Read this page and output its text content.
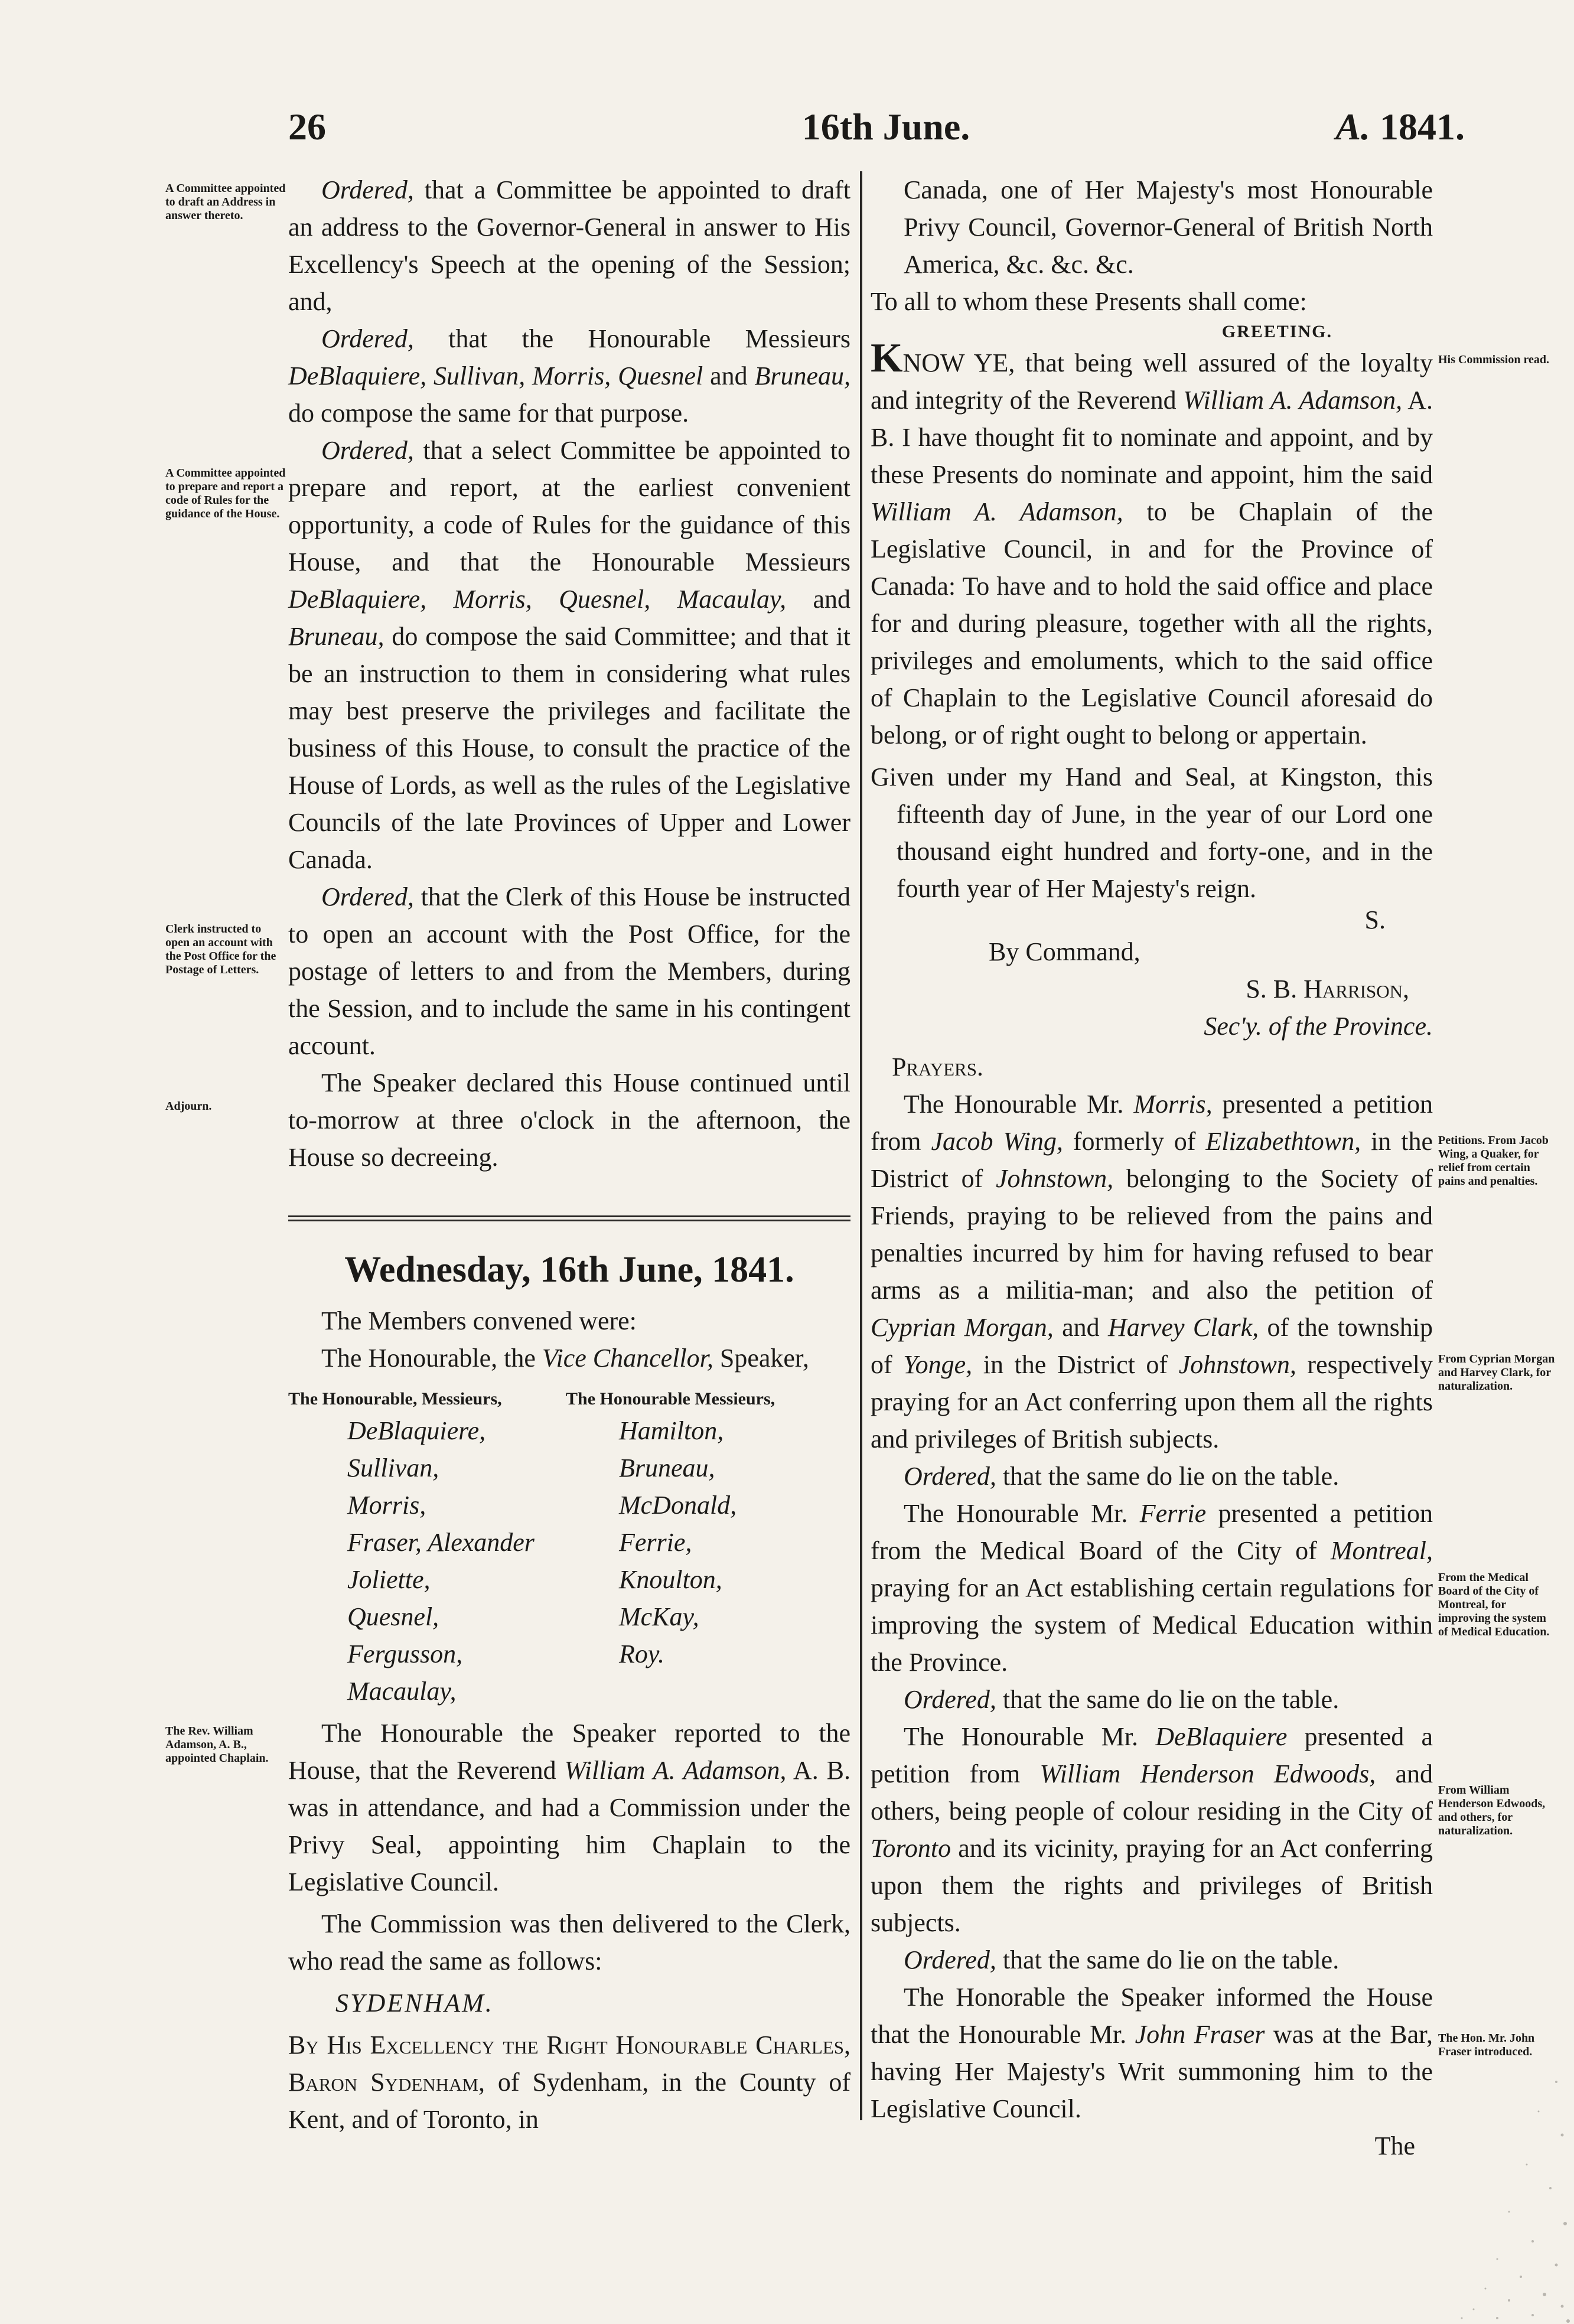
26	16th June.	A. 1841.
A Committee appointed to draft an Address in answer thereto.
A Committee appointed to prepare and report a code of Rules for the guidance of the House.
Clerk instructed to open an account with the Post Office for the Postage of Letters.
Adjourn.
The Rev. William Adamson, A. B., appointed Chaplain.

Ordered, that a Committee be appointed to draft an address to the Governor-General in answer to His Excellency's Speech at the opening of the Session; and,

Ordered, that the Honourable Messieurs DeBlaquiere, Sullivan, Morris, Quesnel and Bruneau, do compose the same for that purpose.

Ordered, that a select Committee be appointed to prepare and report, at the earliest convenient opportunity, a code of Rules for the guidance of this House, and that the Honourable Messieurs DeBlaquiere, Morris, Quesnel, Macaulay, and Bruneau, do compose the said Committee; and that it be an instruction to them in considering what rules may best preserve the privileges and facilitate the business of this House, to consult the practice of the House of Lords, as well as the rules of the Legislative Councils of the late Provinces of Upper and Lower Canada.

Ordered, that the Clerk of this House be instructed to open an account with the Post Office, for the postage of letters to and from the Members, during the Session, and to include the same in his contingent account.

The Speaker declared this House continued until to-morrow at three o'clock in the afternoon, the House so decreeing.

Wednesday, 16th June, 1841.

The Members convened were:

The Honourable, the Vice Chancellor, Speaker,

The Honourable, Messieurs,
DeBlaquiere,
Sullivan,
Morris,
Fraser, Alexander
Joliette,
Quesnel,
Fergusson,
Macaulay,
The Honourable Messieurs,
Hamilton,
Bruneau,
McDonald,
Ferrie,
Knoulton,
McKay,
Roy.

The Honourable the Speaker reported to the House, that the Reverend William A. Adamson, A. B. was in attendance, and had a Commission under the Privy Seal, appointing him Chaplain to the Legislative Council.

The Commission was then delivered to the Clerk, who read the same as follows:

SYDENHAM.

By His Excellency the Right Honourable Charles, Baron Sydenham, of Sydenham, in the County of Kent, and of Toronto, in

His Commission read.
Petitions. From Jacob Wing, a Quaker, for relief from certain pains and penalties.
From Cyprian Morgan and Harvey Clark, for naturalization.
From the Medical Board of the City of Montreal, for improving the system of Medical Education.
From William Henderson Edwoods, and others, for naturalization.
The Hon. Mr. John Fraser introduced.

Canada, one of Her Majesty's most Honourable Privy Council, Governor-General of British North America, &c. &c. &c.

To all to whom these Presents shall come:

GREETING.

KNOW YE, that being well assured of the loyalty and integrity of the Reverend William A. Adamson, A. B. I have thought fit to nominate and appoint, and by these Presents do nominate and appoint, him the said William A. Adamson, to be Chaplain of the Legislative Council, in and for the Province of Canada: To have and to hold the said office and place for and during pleasure, together with all the rights, privileges and emoluments, which to the said office of Chaplain to the Legislative Council aforesaid do belong, or of right ought to belong or appertain.

Given under my Hand and Seal, at Kingston, this fifteenth day of June, in the year of our Lord one thousand eight hundred and forty-one, and in the fourth year of Her Majesty's reign.

S.

By Command,

S. B. Harrison,

Sec'y. of the Province.

Prayers.

The Honourable Mr. Morris, presented a petition from Jacob Wing, formerly of Elizabethtown, in the District of Johnstown, belonging to the Society of Friends, praying to be relieved from the pains and penalties incurred by him for having refused to bear arms as a militia-man; and also the petition of Cyprian Morgan, and Harvey Clark, of the township of Yonge, in the District of Johnstown, respectively praying for an Act conferring upon them all the rights and privileges of British subjects.

Ordered, that the same do lie on the table.

The Honourable Mr. Ferrie presented a petition from the Medical Board of the City of Montreal, praying for an Act establishing certain regulations for improving the system of Medical Education within the Province.

Ordered, that the same do lie on the table.

The Honourable Mr. DeBlaquiere presented a petition from William Henderson Edwoods, and others, being people of colour residing in the City of Toronto and its vicinity, praying for an Act conferring upon them the rights and privileges of British subjects.

Ordered, that the same do lie on the table.

The Honorable the Speaker informed the House that the Honourable Mr. John Fraser was at the Bar, having Her Majesty's Writ summoning him to the Legislative Council.

The
